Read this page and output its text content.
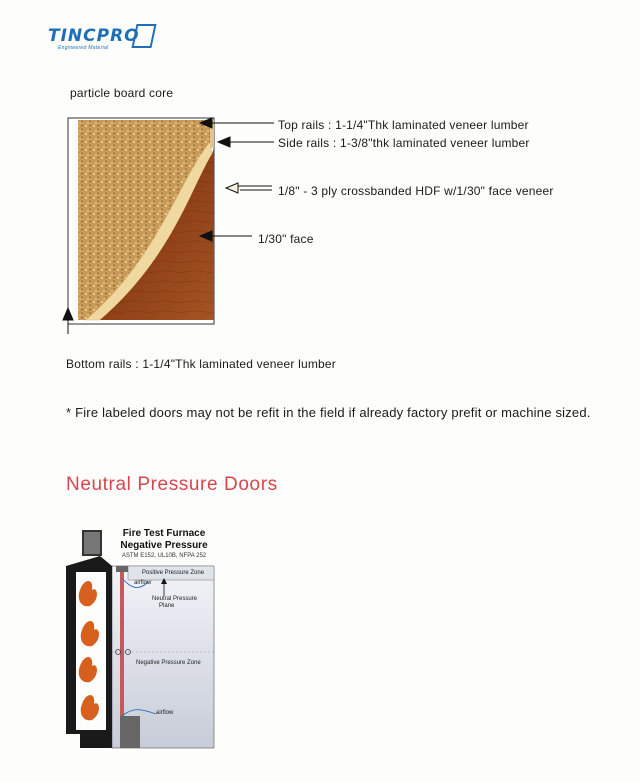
TINCPRO
Engineered Material
particle board core
Top rails : 1-1/4"Thk laminated veneer lumber
Side rails : 1-3/8"thk laminated veneer lumber
1/8" - 3 ply crossbanded HDF w/1/30" face veneer
1/30" face
Bottom rails : 1-1/4"Thk laminated veneer lumber
* Fire labeled doors may not be refit in the field if already factory prefit or machine sized.
Neutral Pressure Doors
Fire Test Furnace
Negative Pressure
ASTM E152, UL10B, NFPA 252
Positive Pressure Zone
Neutral Pressure
Plane
Negative Pressure Zone
airflow
airflow
